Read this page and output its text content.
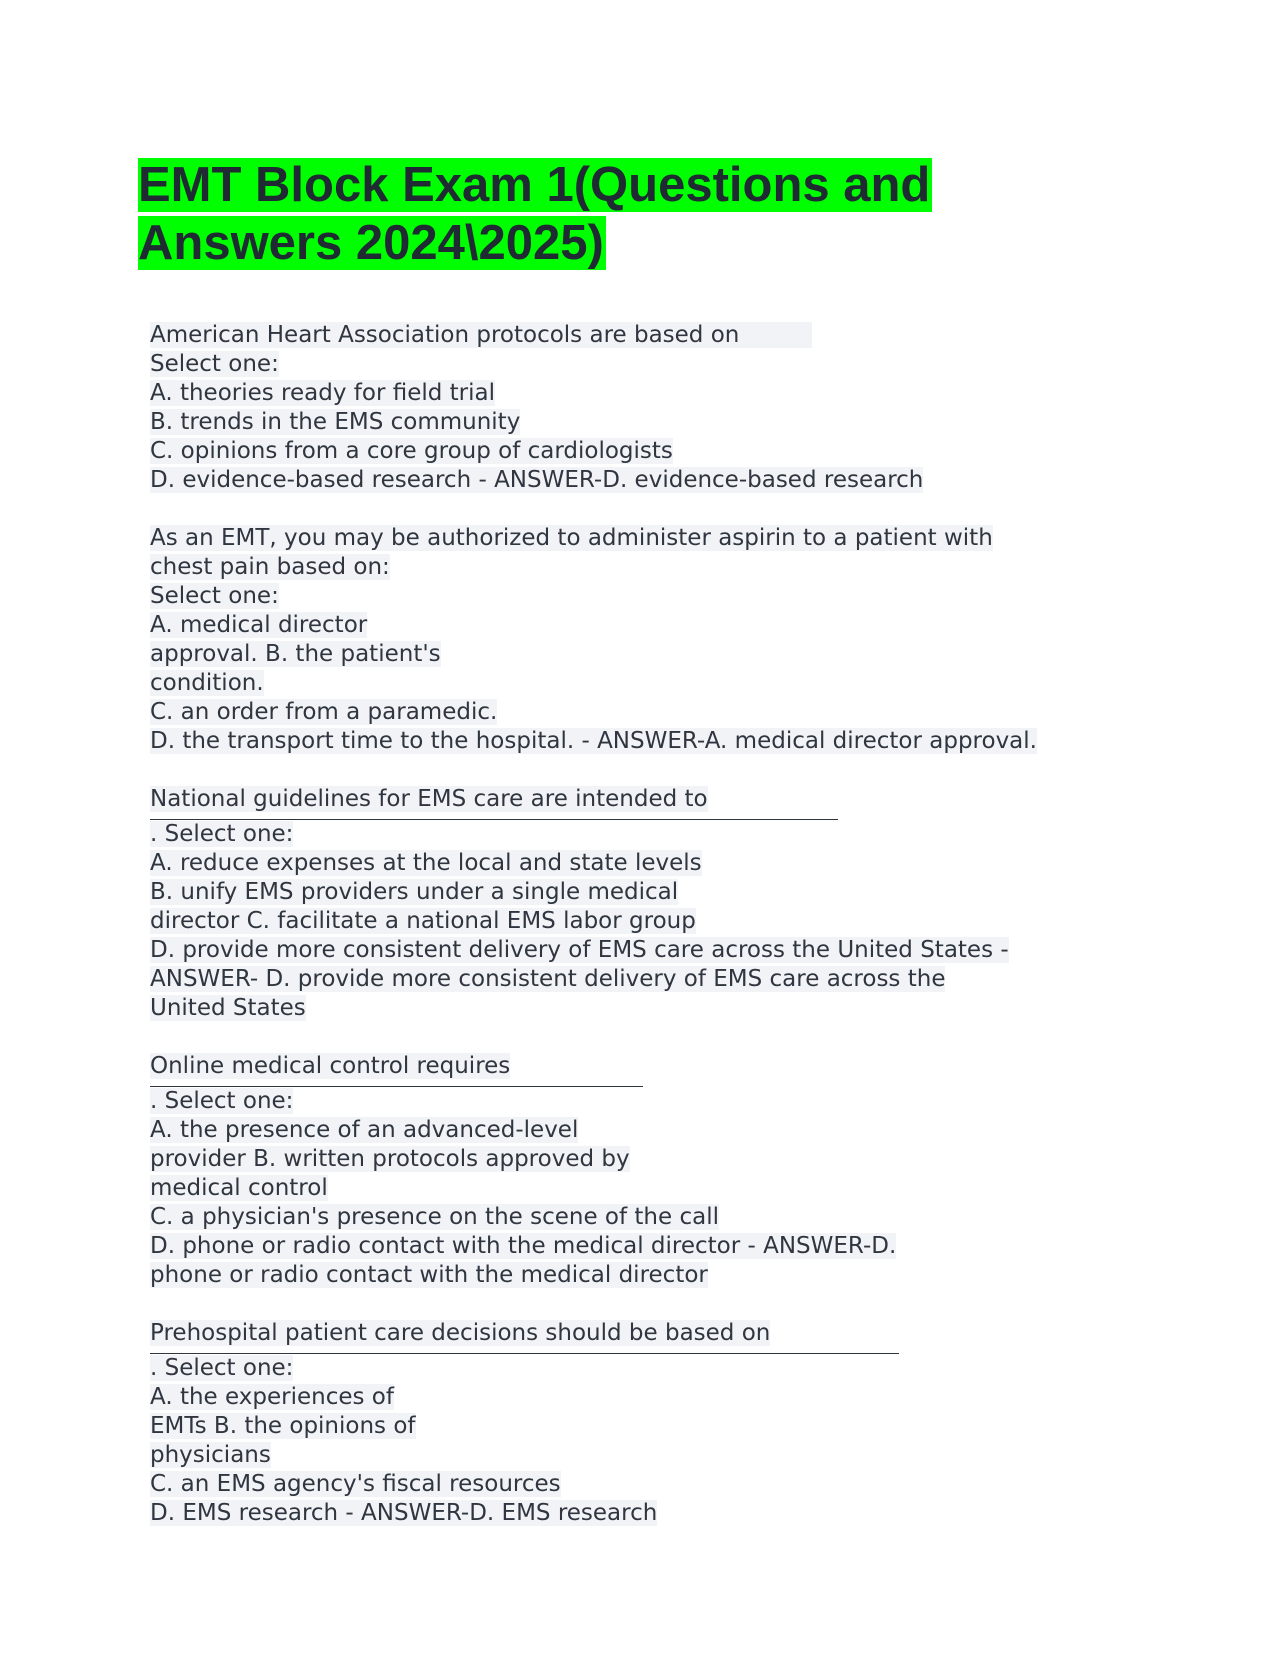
EMT Block Exam 1(Questions and
Answers 2024\2025)
American Heart Association protocols are based on
Select one:
A. theories ready for field trial
B. trends in the EMS community
C. opinions from a core group of cardiologists
D. evidence-based research - ANSWER-D. evidence-based research
As an EMT, you may be authorized to administer aspirin to a patient with
chest pain based on:
Select one:
A. medical director
approval. B. the patient's
condition.
C. an order from a paramedic.
D. the transport time to the hospital. - ANSWER-A. medical director approval.
National guidelines for EMS care are intended to
. Select one:
A. reduce expenses at the local and state levels
B. unify EMS providers under a single medical
director C. facilitate a national EMS labor group
D. provide more consistent delivery of EMS care across the United States -
ANSWER- D. provide more consistent delivery of EMS care across the
United States
Online medical control requires
. Select one:
A. the presence of an advanced-level
provider B. written protocols approved by
medical control
C. a physician's presence on the scene of the call
D. phone or radio contact with the medical director - ANSWER-D.
phone or radio contact with the medical director
Prehospital patient care decisions should be based on
. Select one:
A. the experiences of
EMTs B. the opinions of
physicians
C. an EMS agency's fiscal resources
D. EMS research - ANSWER-D. EMS research
